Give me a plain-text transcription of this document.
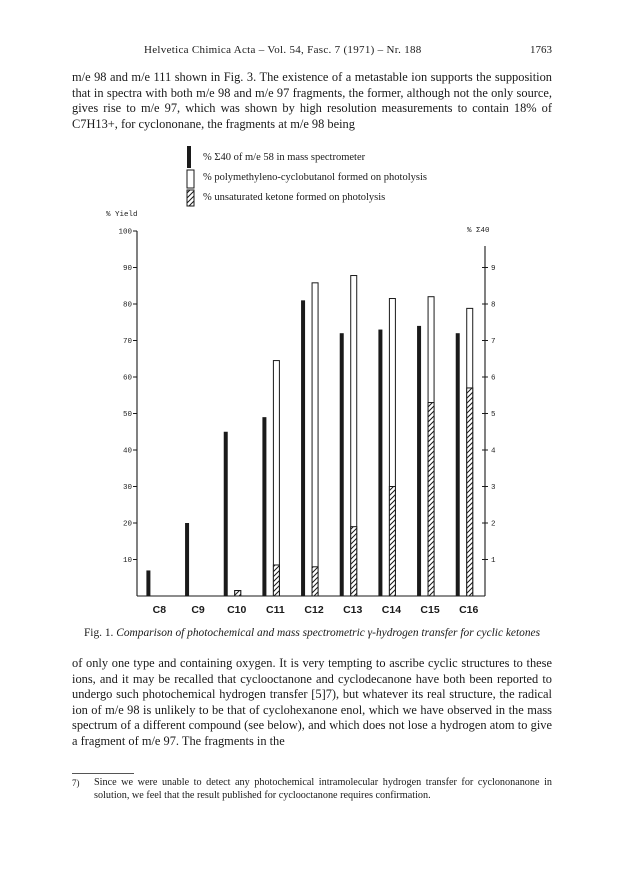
Helvetica Chimica Acta – Vol. 54, Fasc. 7 (1971) – Nr. 188	1763

m/e 98 and m/e 111 shown in Fig. 3. The existence of a metastable ion supports the supposition that in spectra with both m/e 98 and m/e 97 fragments, the former, although not the only source, gives rise to m/e 97, which was shown by high resolution measurements to contain 18% of C7H13+, for cyclononane, the fragments at m/e 98 being

% Σ40 of m/e 58 in mass spectrometer
% polymethyleno-cyclobutanol formed on photolysis
% unsaturated ketone formed on photolysis
% Yield
% Σ40
10
20
30
40
50
60
70
80
90
100
1
2
3
4
5
6
7
8
9
C8 C9 C10 C11 C12 C13 C14 C15 C16
Fig. 1. Comparison of photochemical and mass spectrometric γ-hydrogen transfer for cyclic ketones

of only one type and containing oxygen. It is very tempting to ascribe cyclic structures to these ions, and it may be recalled that cyclooctanone and cyclodecanone have both been reported to undergo such photochemical hydrogen transfer [5]7), but whatever its real structure, the radical ion of m/e 98 is unlikely to be that of cyclohexanone enol, which we have observed in the mass spectrum of a different compound (see below), and which does not lose a hydrogen atom to give a fragment of m/e 97. The fragments in the

7) Since we were unable to detect any photochemical intramolecular hydrogen transfer for cyclononanone in solution, we feel that the result published for cyclooctanone requires confirmation.
